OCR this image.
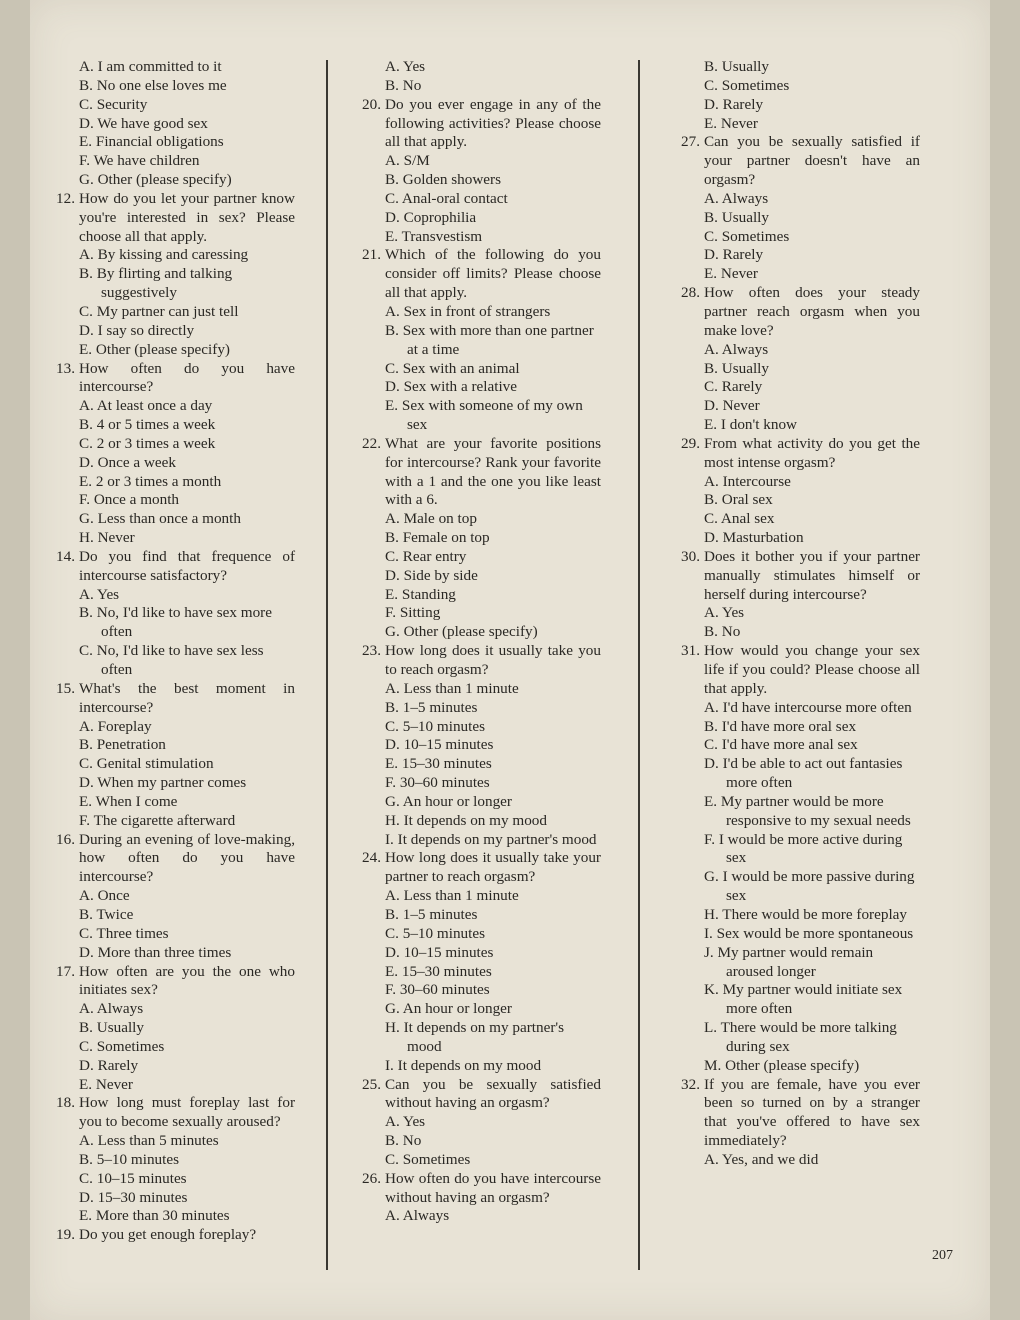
A. I am committed to it
B. No one else loves me
C. Security
D. We have good sex
E. Financial obligations
F. We have children
G. Other (please specify)
12. How do you let your partner know you're interested in sex? Please choose all that apply.
A. By kissing and caressing
B. By flirting and talking suggestively
C. My partner can just tell
D. I say so directly
E. Other (please specify)
13. How often do you have intercourse?
A. At least once a day
B. 4 or 5 times a week
C. 2 or 3 times a week
D. Once a week
E. 2 or 3 times a month
F. Once a month
G. Less than once a month
H. Never
14. Do you find that frequence of intercourse satisfactory?
A. Yes
B. No, I'd like to have sex more often
C. No, I'd like to have sex less often
15. What's the best moment in intercourse?
A. Foreplay
B. Penetration
C. Genital stimulation
D. When my partner comes
E. When I come
F. The cigarette afterward
16. During an evening of love-making, how often do you have intercourse?
A. Once
B. Twice
C. Three times
D. More than three times
17. How often are you the one who initiates sex?
A. Always
B. Usually
C. Sometimes
D. Rarely
E. Never
18. How long must foreplay last for you to become sexually aroused?
A. Less than 5 minutes
B. 5–10 minutes
C. 10–15 minutes
D. 15–30 minutes
E. More than 30 minutes
19. Do you get enough foreplay?
A. Yes
B. No
20. Do you ever engage in any of the following activities? Please choose all that apply.
A. S/M
B. Golden showers
C. Anal-oral contact
D. Coprophilia
E. Transvestism
21. Which of the following do you consider off limits? Please choose all that apply.
A. Sex in front of strangers
B. Sex with more than one partner at a time
C. Sex with an animal
D. Sex with a relative
E. Sex with someone of my own sex
22. What are your favorite positions for intercourse? Rank your favorite with a 1 and the one you like least with a 6.
A. Male on top
B. Female on top
C. Rear entry
D. Side by side
E. Standing
F. Sitting
G. Other (please specify)
23. How long does it usually take you to reach orgasm?
A. Less than 1 minute
B. 1–5 minutes
C. 5–10 minutes
D. 10–15 minutes
E. 15–30 minutes
F. 30–60 minutes
G. An hour or longer
H. It depends on my mood
I. It depends on my partner's mood
24. How long does it usually take your partner to reach orgasm?
A. Less than 1 minute
B. 1–5 minutes
C. 5–10 minutes
D. 10–15 minutes
E. 15–30 minutes
F. 30–60 minutes
G. An hour or longer
H. It depends on my partner's mood
I. It depends on my mood
25. Can you be sexually satisfied without having an orgasm?
A. Yes
B. No
C. Sometimes
26. How often do you have intercourse without having an orgasm?
A. Always
B. Usually
C. Sometimes
D. Rarely
E. Never
27. Can you be sexually satisfied if your partner doesn't have an orgasm?
A. Always
B. Usually
C. Sometimes
D. Rarely
E. Never
28. How often does your steady partner reach orgasm when you make love?
A. Always
B. Usually
C. Rarely
D. Never
E. I don't know
29. From what activity do you get the most intense orgasm?
A. Intercourse
B. Oral sex
C. Anal sex
D. Masturbation
30. Does it bother you if your partner manually stimulates himself or herself during intercourse?
A. Yes
B. No
31. How would you change your sex life if you could? Please choose all that apply.
A. I'd have intercourse more often
B. I'd have more oral sex
C. I'd have more anal sex
D. I'd be able to act out fantasies more often
E. My partner would be more responsive to my sexual needs
F. I would be more active during sex
G. I would be more passive during sex
H. There would be more foreplay
I. Sex would be more spontaneous
J. My partner would remain aroused longer
K. My partner would initiate sex more often
L. There would be more talking during sex
M. Other (please specify)
32. If you are female, have you ever been so turned on by a stranger that you've offered to have sex immediately?
A. Yes, and we did
207
